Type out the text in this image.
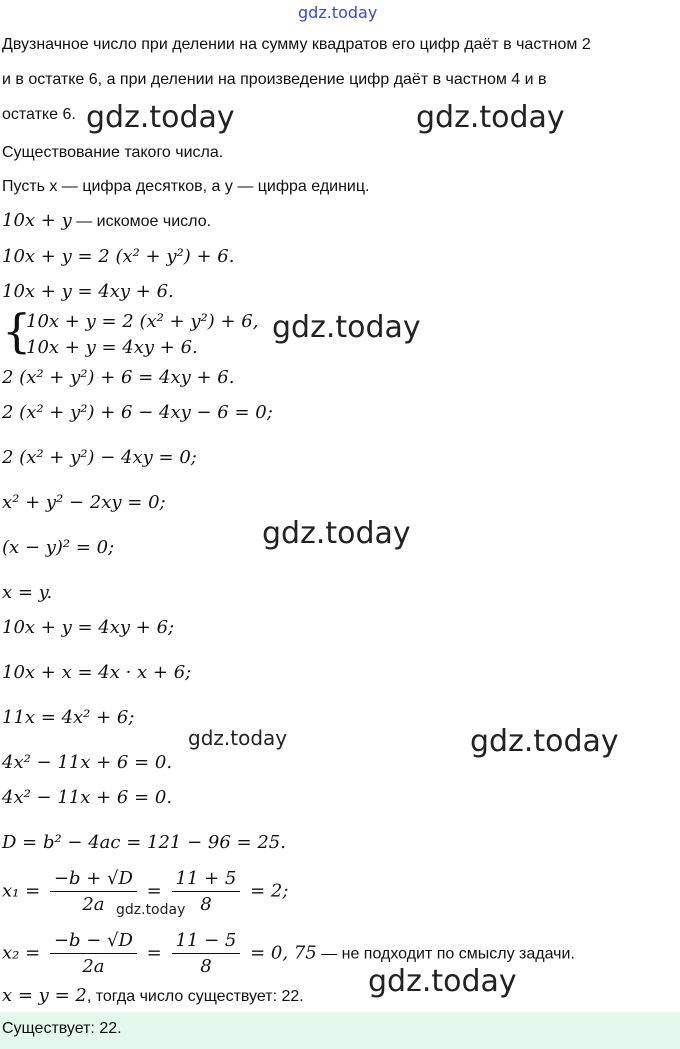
gdz.today
gdz.today	gdz.today
gdz.today
gdz.today
gdz.today	gdz.today
gdz.today
gdz.today
Двузначное число при делении на сумму квадратов его цифр даёт в частном 2
и в остатке 6, а при делении на произведение цифр даёт в частном 4 и в
остатке 6.
Существование такого числа.
Пусть x — цифра десятков, а y — цифра единиц.
10x + y — искомое число.
10x + y = 2 (x² + y²) + 6.
10x + y = 4xy + 6.
{
10x + y = 2 (x² + y²) + 6,
10x + y = 4xy + 6.
2 (x² + y²) + 6 = 4xy + 6.
2 (x² + y²) + 6 − 4xy − 6 = 0;
2 (x² + y²) − 4xy = 0;
x² + y² − 2xy = 0;
(x − y)² = 0;
x = y.
10x + y = 4xy + 6;
10x + x = 4x · x + 6;
11x = 4x² + 6;
4x² − 11x + 6 = 0.
4x² − 11x + 6 = 0.
D = b² − 4ac = 121 − 96 = 25.
$x_1 = \frac{-b + √D}{2a} = \frac{11 + 5}{8} = 2$;
$x_2 = \frac{-b - √D}{2a} = \frac{11 - 5}{8} = 0$, 75 — не подходит по смыслу задачи.
x = y = 2, тогда число существует: 22.
Существует: 22.
